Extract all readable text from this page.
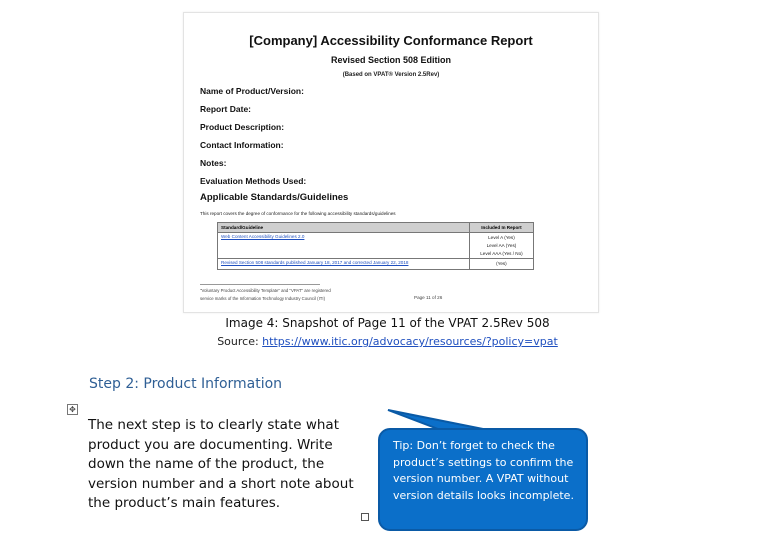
[Company] Accessibility Conformance Report
Revised Section 508 Edition
(Based on VPAT® Version 2.5Rev)
Name of Product/Version:
Report Date:
Product Description:
Contact Information:
Notes:
Evaluation Methods Used:
Applicable Standards/Guidelines
This report covers the degree of conformance for the following accessibility standards/guidelines
Standard/Guideline	Included In Report
Web Content Accessibility Guidelines 2.0	Level A (Yes)
Level AA (Yes)
Level AAA (Yes / No)

Revised Section 508 standards published January 18, 2017 and corrected January 22, 2018	(Yes)
"Voluntary Product Accessibility Template" and "VPAT" are registered
service marks of the Information Technology Industry Council (ITI)	Page 11 of 26
Image 4: Snapshot of Page 11 of the VPAT 2.5Rev 508
Source: https://www.itic.org/advocacy/resources/?policy=vpat
Step 2: Product Information
✥
The next step is to clearly state what product you are documenting. Write down the name of the product, the version number and a short note about the product’s main features.
Tip: Don’t forget to check the product’s settings to confirm the version number. A VPAT without version details looks incomplete.
